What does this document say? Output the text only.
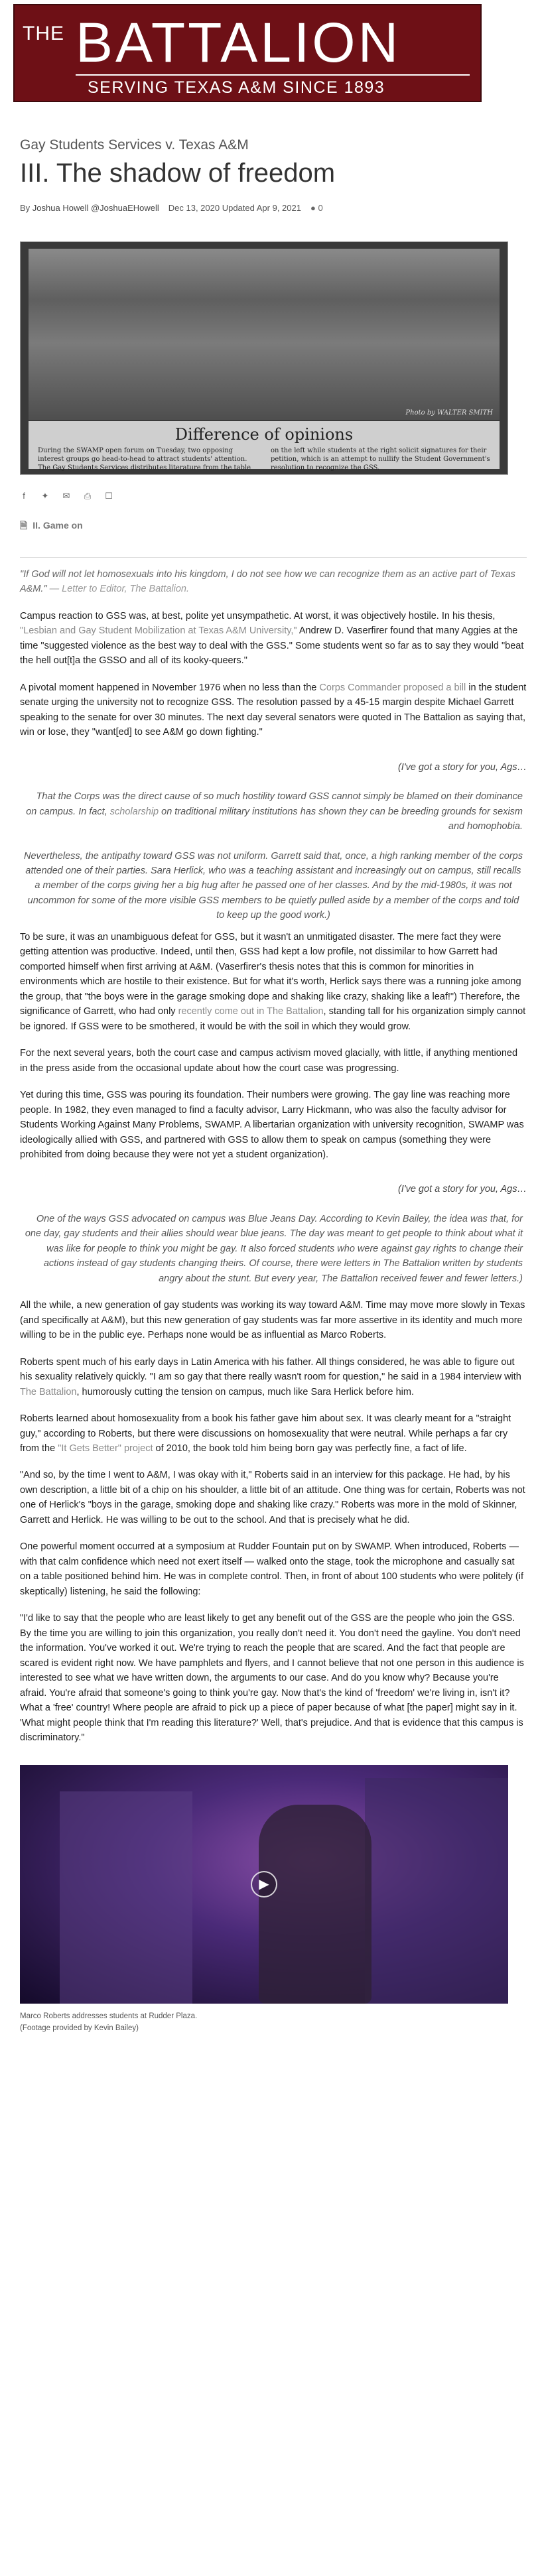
THE BATTALION
SERVING TEXAS A&M SINCE 1893
Gay Students Services v. Texas A&M
III. The shadow of freedom
By Joshua Howell @JoshuaEHowell Dec 13, 2020 Updated Apr 9, 2021 ● 0
Photo by WALTER SMITH
Difference of opinions
During the SWAMP open forum on Tuesday, two opposing interest groups go head-to-head to attract students' attention. The Gay Students Services distributes literature from the table on the left while students at the right solicit signatures for their petition, which is an attempt to nullify the Student Government's resolution to recognize the GSS.
f	✦ ✉ ⎙ ☐
🗎 II. Game on
"If God will not let homosexuals into his kingdom, I do not see how we can recognize them as an active part of Texas A&M." — Letter to Editor, The Battalion.

Campus reaction to GSS was, at best, polite yet unsympathetic. At worst, it was objectively hostile. In his thesis, "Lesbian and Gay Student Mobilization at Texas A&M University," Andrew D. Vaserfirer found that many Aggies at the time "suggested violence as the best way to deal with the GSS." Some students went so far as to say they would "beat the hell out[t]a the GSSO and all of its kooky-queers."

A pivotal moment happened in November 1976 when no less than the Corps Commander proposed a bill in the student senate urging the university not to recognize GSS. The resolution passed by a 45-15 margin despite Michael Garrett speaking to the senate for over 30 minutes. The next day several senators were quoted in The Battalion as saying that, win or lose, they "want[ed] to see A&M go down fighting."

(I've got a story for you, Ags…

That the Corps was the direct cause of so much hostility toward GSS cannot simply be blamed on their dominance on campus. In fact, scholarship on traditional military institutions has shown they can be breeding grounds for sexism and homophobia.

Nevertheless, the antipathy toward GSS was not uniform. Garrett said that, once, a high ranking member of the corps attended one of their parties. Sara Herlick, who was a teaching assistant and increasingly out on campus, still recalls a member of the corps giving her a big hug after he passed one of her classes. And by the mid-1980s, it was not uncommon for some of the more visible GSS members to be quietly pulled aside by a member of the corps and told to keep up the good work.)

To be sure, it was an unambiguous defeat for GSS, but it wasn't an unmitigated disaster. The mere fact they were getting attention was productive. Indeed, until then, GSS had kept a low profile, not dissimilar to how Garrett had comported himself when first arriving at A&M. (Vaserfirer's thesis notes that this is common for minorities in environments which are hostile to their existence. But for what it's worth, Herlick says there was a running joke among the group, that "the boys were in the garage smoking dope and shaking like crazy, shaking like a leaf!") Therefore, the significance of Garrett, who had only recently come out in The Battalion, standing tall for his organization simply cannot be ignored. If GSS were to be smothered, it would be with the soil in which they would grow.

For the next several years, both the court case and campus activism moved glacially, with little, if anything mentioned in the press aside from the occasional update about how the court case was progressing.

Yet during this time, GSS was pouring its foundation. Their numbers were growing. The gay line was reaching more people. In 1982, they even managed to find a faculty advisor, Larry Hickmann, who was also the faculty advisor for Students Working Against Many Problems, SWAMP. A libertarian organization with university recognition, SWAMP was ideologically allied with GSS, and partnered with GSS to allow them to speak on campus (something they were prohibited from doing because they were not yet a student organization).

(I've got a story for you, Ags…

One of the ways GSS advocated on campus was Blue Jeans Day. According to Kevin Bailey, the idea was that, for one day, gay students and their allies should wear blue jeans. The day was meant to get people to think about what it was like for people to think you might be gay. It also forced students who were against gay rights to change their actions instead of gay students changing theirs. Of course, there were letters in The Battalion written by students angry about the stunt. But every year, The Battalion received fewer and fewer letters.)

All the while, a new generation of gay students was working its way toward A&M. Time may move more slowly in Texas (and specifically at A&M), but this new generation of gay students was far more assertive in its identity and much more willing to be in the public eye. Perhaps none would be as influential as Marco Roberts.

Roberts spent much of his early days in Latin America with his father. All things considered, he was able to figure out his sexuality relatively quickly. "I am so gay that there really wasn't room for question," he said in a 1984 interview with The Battalion, humorously cutting the tension on campus, much like Sara Herlick before him.

Roberts learned about homosexuality from a book his father gave him about sex. It was clearly meant for a "straight guy," according to Roberts, but there were discussions on homosexuality that were neutral. While perhaps a far cry from the "It Gets Better" project of 2010, the book told him being born gay was perfectly fine, a fact of life.

"And so, by the time I went to A&M, I was okay with it," Roberts said in an interview for this package. He had, by his own description, a little bit of a chip on his shoulder, a little bit of an attitude. One thing was for certain, Roberts was not one of Herlick's "boys in the garage, smoking dope and shaking like crazy." Roberts was more in the mold of Skinner, Garrett and Herlick. He was willing to be out to the school. And that is precisely what he did.

One powerful moment occurred at a symposium at Rudder Fountain put on by SWAMP. When introduced, Roberts — with that calm confidence which need not exert itself — walked onto the stage, took the microphone and casually sat on a table positioned behind him. He was in complete control. Then, in front of about 100 students who were politely (if skeptically) listening, he said the following:

"I'd like to say that the people who are least likely to get any benefit out of the GSS are the people who join the GSS. By the time you are willing to join this organization, you really don't need it. You don't need the gayline. You don't need the information. You've worked it out. We're trying to reach the people that are scared. And the fact that people are scared is evident right now. We have pamphlets and flyers, and I cannot believe that not one person in this audience is interested to see what we have written down, the arguments to our case. And do you know why? Because you're afraid. You're afraid that someone's going to think you're gay. Now that's the kind of 'freedom' we're living in, isn't it? What a 'free' country! Where people are afraid to pick up a piece of paper because of what [the paper] might say in it. 'What might people think that I'm reading this literature?' Well, that's prejudice. And that is evidence that this campus is discriminatory."

▶
Marco Roberts addresses students at Rudder Plaza.
(Footage provided by Kevin Bailey)
